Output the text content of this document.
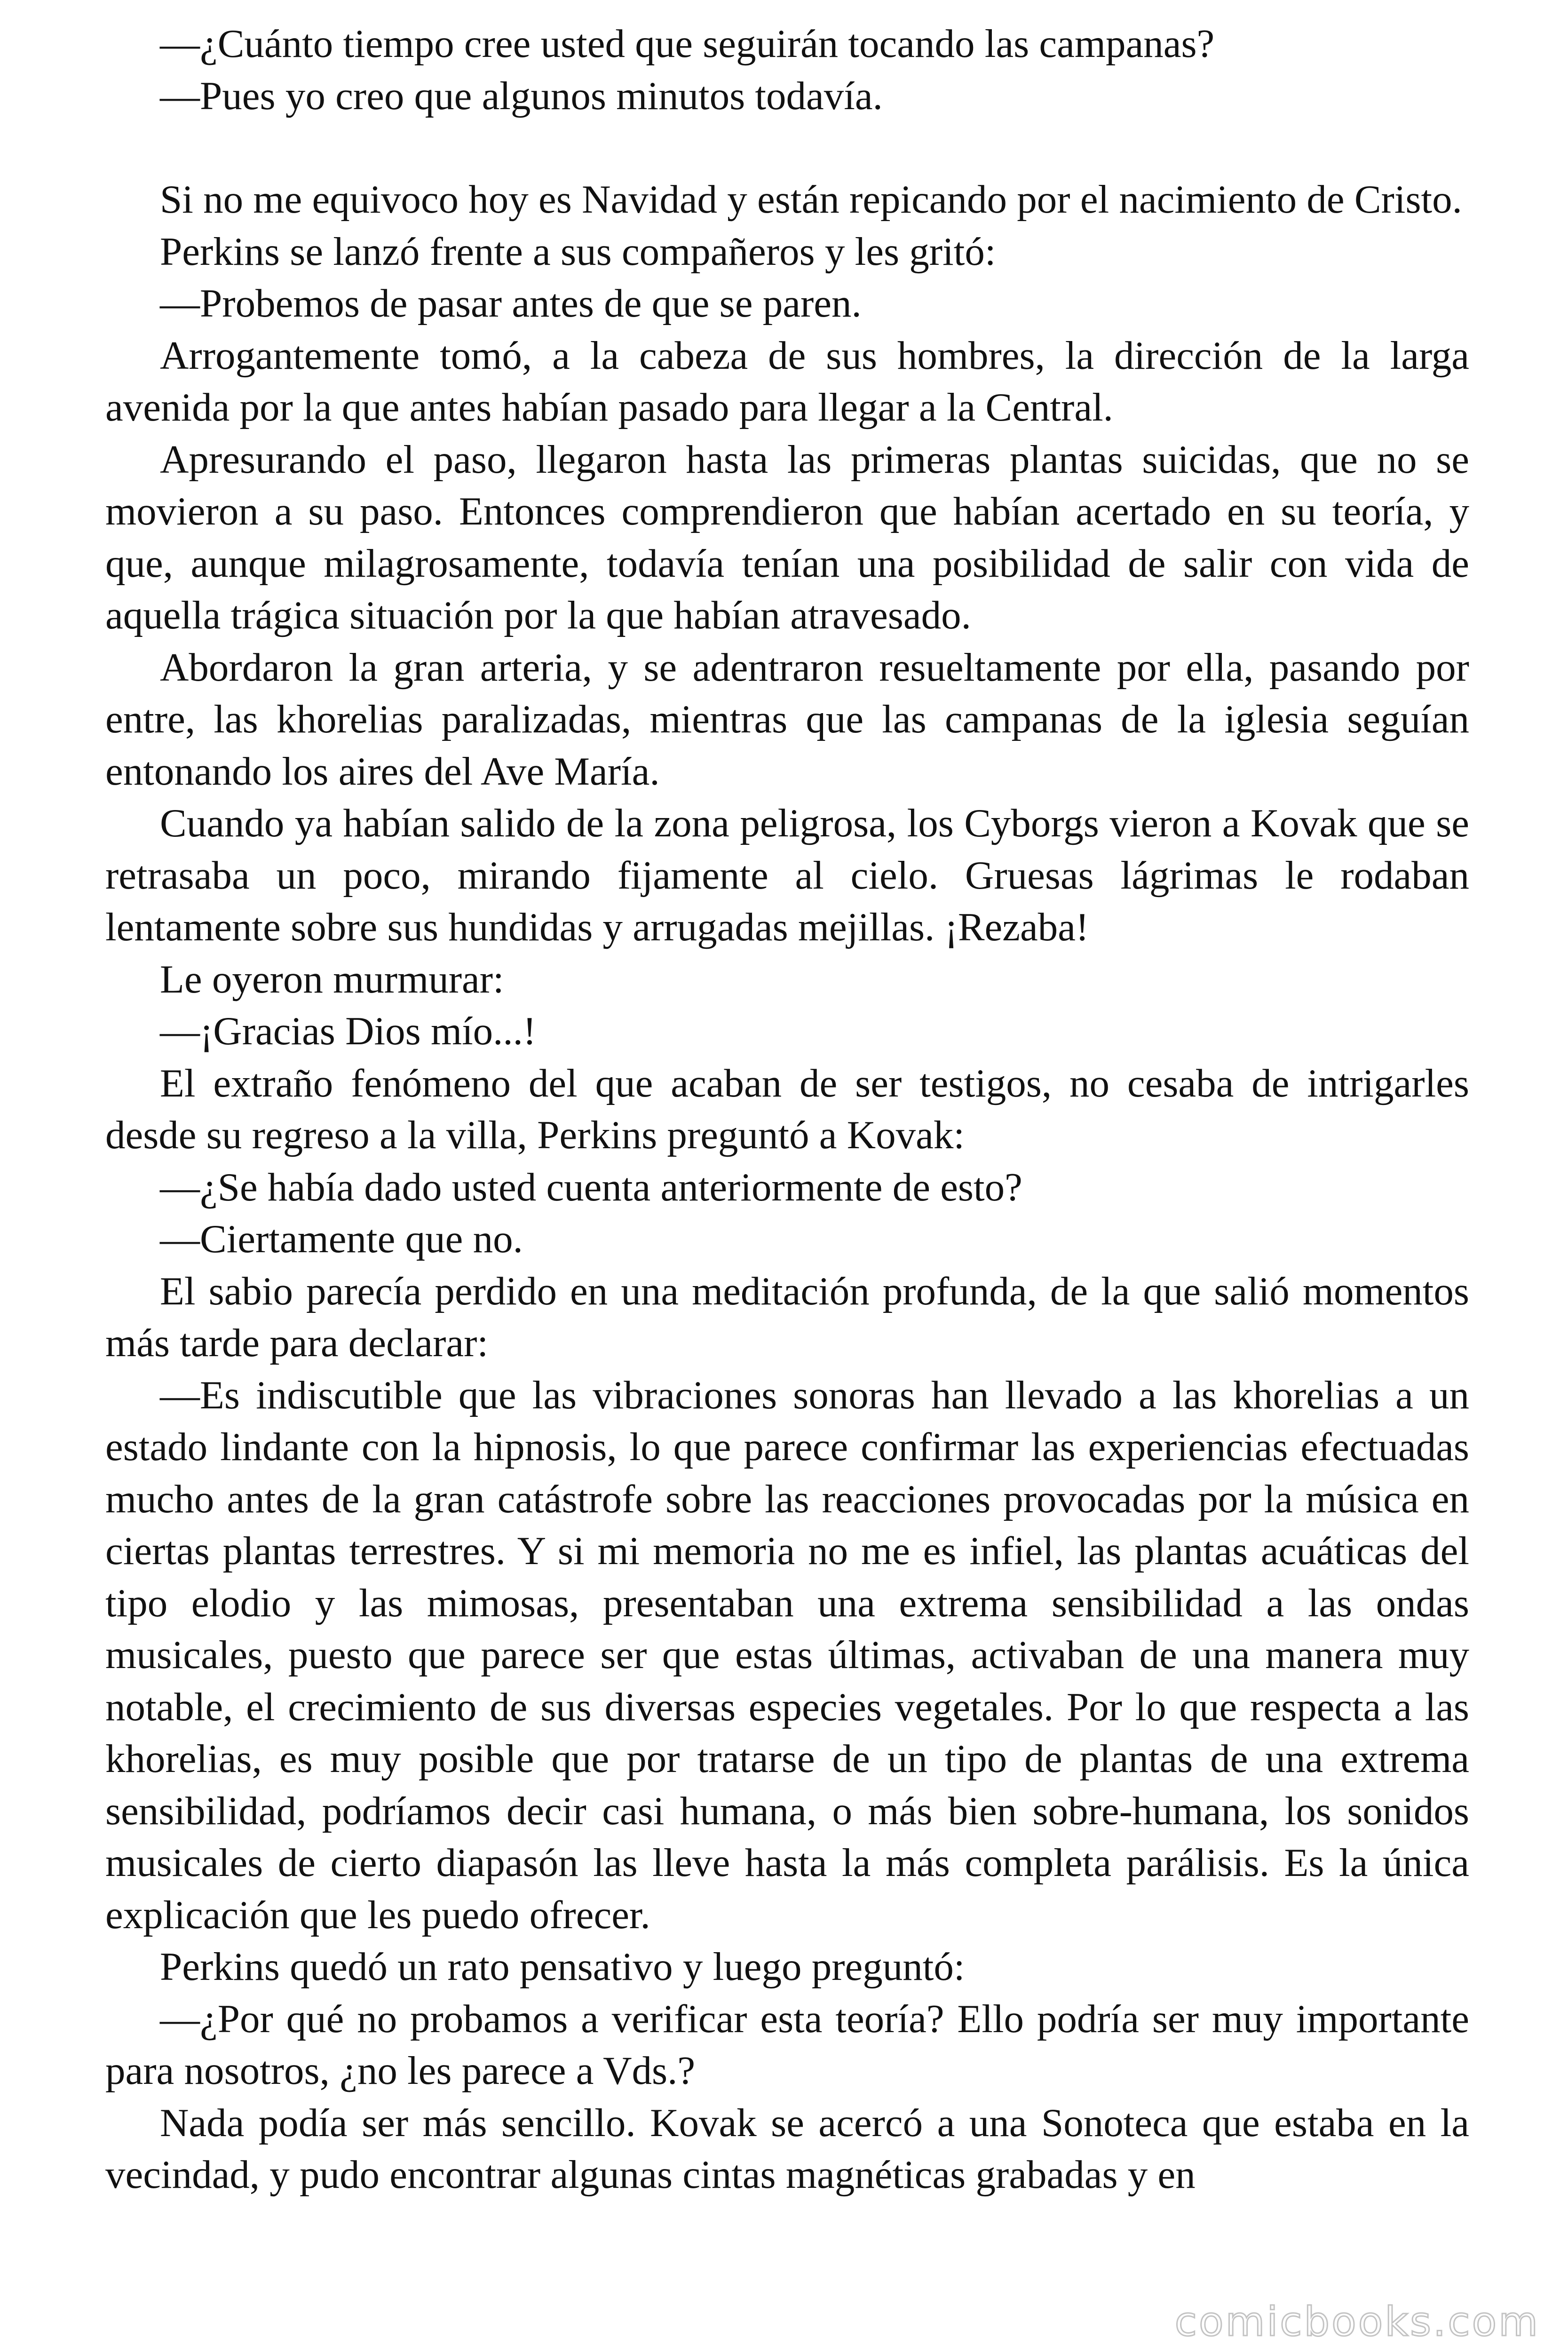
—¿Cuánto tiempo cree usted que seguirán tocando las campanas?

—Pues yo creo que algunos minutos todavía.

Si no me equivoco hoy es Navidad y están repicando por el nacimiento de Cristo.

Perkins se lanzó frente a sus compañeros y les gritó:

—Probemos de pasar antes de que se paren.

Arrogantemente tomó, a la cabeza de sus hombres, la dirección de la larga avenida por la que antes habían pasado para llegar a la Central.

Apresurando el paso, llegaron hasta las primeras plantas suicidas, que no se movieron a su paso. Entonces comprendieron que habían acertado en su teoría, y que, aunque milagrosamente, todavía tenían una posibilidad de salir con vida de aquella trágica situación por la que habían atravesado.

Abordaron la gran arteria, y se adentraron resueltamente por ella, pasando por entre, las khorelias paralizadas, mientras que las campanas de la iglesia seguían entonando los aires del Ave María.

Cuando ya habían salido de la zona peligrosa, los Cyborgs vieron a Kovak que se retrasaba un poco, mirando fijamente al cielo. Gruesas lágrimas le rodaban lentamente sobre sus hundidas y arrugadas mejillas. ¡Rezaba!

Le oyeron murmurar:

—¡Gracias Dios mío...!

El extraño fenómeno del que acaban de ser testigos, no cesaba de intrigarles desde su regreso a la villa, Perkins preguntó a Kovak:

—¿Se había dado usted cuenta anteriormente de esto?

—Ciertamente que no.

El sabio parecía perdido en una meditación profunda, de la que salió momentos más tarde para declarar:

—Es indiscutible que las vibraciones sonoras han llevado a las khorelias a un estado lindante con la hipnosis, lo que parece confirmar las experiencias efectuadas mucho antes de la gran catástrofe sobre las reacciones provocadas por la música en ciertas plantas terrestres. Y si mi memoria no me es infiel, las plantas acuáticas del tipo elodio y las mimosas, presentaban una extrema sensibilidad a las ondas musicales, puesto que parece ser que estas últimas, activaban de una manera muy notable, el crecimiento de sus diversas especies vegetales. Por lo que respecta a las khorelias, es muy posible que por tratarse de un tipo de plantas de una extrema sensibilidad, podríamos decir casi humana, o más bien sobre-humana, los sonidos musicales de cierto diapasón las lleve hasta la más completa parálisis. Es la única explicación que les puedo ofrecer.

Perkins quedó un rato pensativo y luego preguntó:

—¿Por qué no probamos a verificar esta teoría? Ello podría ser muy importante para nosotros, ¿no les parece a Vds.?

Nada podía ser más sencillo. Kovak se acercó a una Sonoteca que estaba en la vecindad, y pudo encontrar algunas cintas magnéticas grabadas y en

comicbooks.com
